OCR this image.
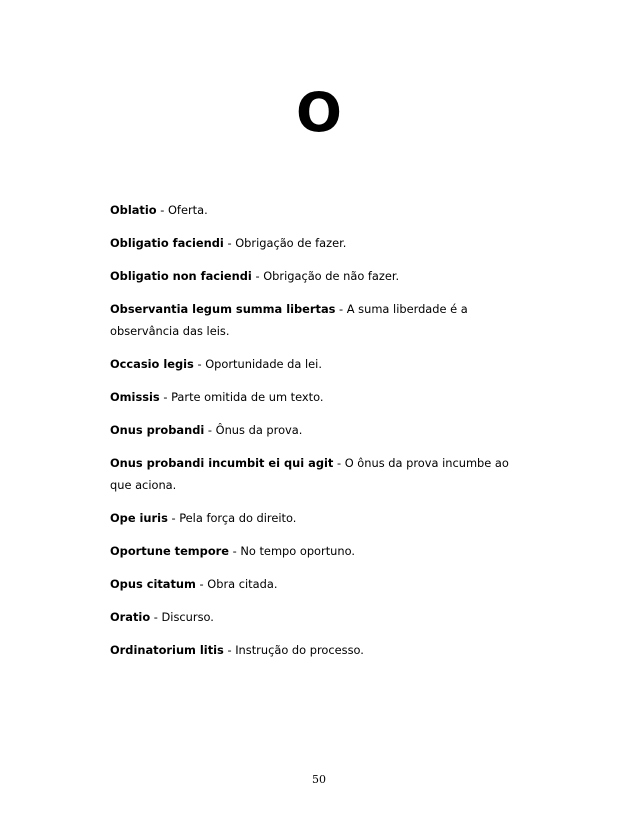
O

Oblatio - Oferta.

Obligatio faciendi - Obrigação de fazer.

Obligatio non faciendi - Obrigação de não fazer.

Observantia legum summa libertas - A suma liberdade é a observância das leis.

Occasio legis - Oportunidade da lei.

Omissis - Parte omitida de um texto.

Onus probandi - Ônus da prova.

Onus probandi incumbit ei qui agit - O ônus da prova incumbe ao que aciona.

Ope iuris - Pela força do direito.

Oportune tempore - No tempo oportuno.

Opus citatum - Obra citada.

Oratio - Discurso.

Ordinatorium litis - Instrução do processo.

50
